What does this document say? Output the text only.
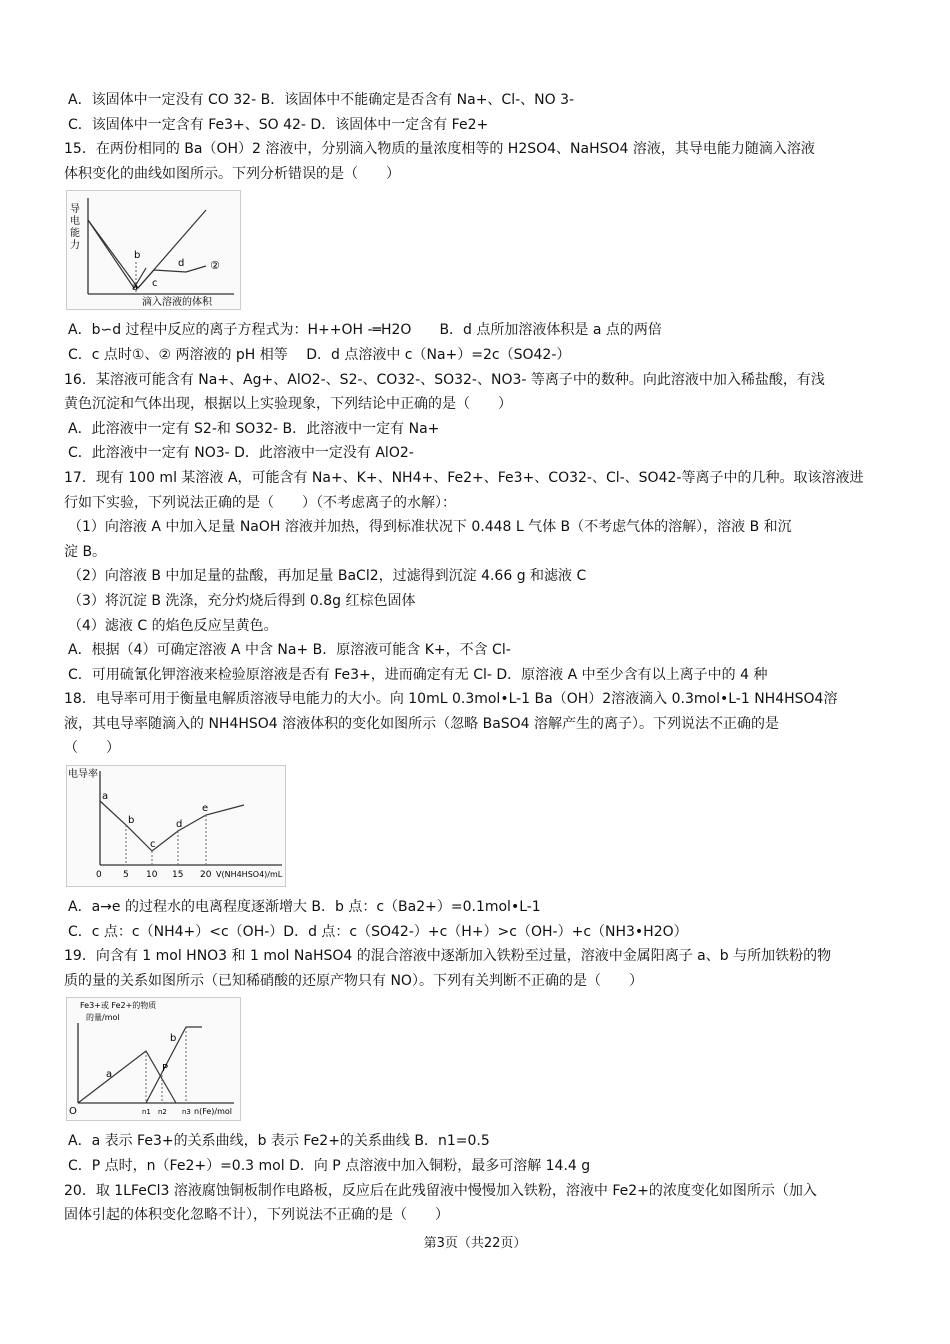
A．该固体中一定没有 CO 32- B．该固体中不能确定是否含有 Na+、Cl-、NO 3-
C．该固体中一定含有 Fe3+、SO 42- D．该固体中一定含有 Fe2+
15．在两份相同的 Ba（OH）2 溶液中，分别滴入物质的量浓度相等的 H2SO4、NaHSO4 溶液，其导电能力随滴入溶液
体积变化的曲线如图所示。下列分析错误的是（　　）
导电能力
a
b
c
d ②
滴入溶液的体积
A．b∽d 过程中反应的离子方程式为：H++OH -═H2O　　B．d 点所加溶液体积是 a 点的两倍
C．c 点时①、② 两溶液的 pH 相等　 D．d 点溶液中 c（Na+）=2c（SO42-）
16．某溶液可能含有 Na+、Ag+、AlO2-、S2-、CO32-、SO32-、NO3- 等离子中的数种。向此溶液中加入稀盐酸，有浅
黄色沉淀和气体出现，根据以上实验现象，下列结论中正确的是（　　）
A．此溶液中一定有 S2-和 SO32- B．此溶液中一定有 Na+
C．此溶液中一定有 NO3- D．此溶液中一定没有 AlO2-
17．现有 100 ml 某溶液 A，可能含有 Na+、K+、NH4+、Fe2+、Fe3+、CO32-、Cl-、SO42-等离子中的几种。取该溶液进
行如下实验，下列说法正确的是（　　）（不考虑离子的水解）：
（1）向溶液 A 中加入足量 NaOH 溶液并加热，得到标准状况下 0.448 L 气体 B（不考虑气体的溶解），溶液 B 和沉
淀 B。
（2）向溶液 B 中加足量的盐酸，再加足量 BaCl2，过滤得到沉淀 4.66 g 和滤液 C
（3）将沉淀 B 洗涤，充分灼烧后得到 0.8g 红棕色固体
（4）滤液 C 的焰色反应呈黄色。
A．根据（4）可确定溶液 A 中含 Na+ B．原溶液可能含 K+，不含 Cl-
C．可用硫氰化钾溶液来检验原溶液是否有 Fe3+，进而确定有无 Cl- D．原溶液 A 中至少含有以上离子中的 4 种
18．电导率可用于衡量电解质溶液导电能力的大小。向 10mL 0.3mol•L-1 Ba（OH）2溶液滴入 0.3mol•L-1 NH4HSO4溶
液，其电导率随滴入的 NH4HSO4 溶液体积的变化如图所示（忽略 BaSO4 溶解产生的离子）。下列说法不正确的是
（　　）
电导率
0 5 10 15 20 V(NH4HSO4)/mL
a
b
c
d
e
A．a→e 的过程水的电离程度逐渐增大 B．b 点：c（Ba2+）=0.1mol•L-1
C．c 点：c（NH4+）<c（OH-）D．d 点：c（SO42-）+c（H+）>c（OH-）+c（NH3•H2O）
19．向含有 1 mol HNO3 和 1 mol NaHSO4 的混合溶液中逐渐加入铁粉至过量，溶液中金属阳离子 a、b 与所加铁粉的物
质的量的关系如图所示（已知稀硝酸的还原产物只有 NO）。下列有关判断不正确的是（　　）
Fe3+或 Fe2+的物质
的量/mol
O	n1 n2 n3 n(Fe)/mol
a
b
P
A．a 表示 Fe3+的关系曲线，b 表示 Fe2+的关系曲线 B．n1=0.5
C．P 点时，n（Fe2+）=0.3 mol D．向 P 点溶液中加入铜粉，最多可溶解 14.4 g
20．取 1LFeCl3 溶液腐蚀铜板制作电路板，反应后在此残留液中慢慢加入铁粉，溶液中 Fe2+的浓度变化如图所示（加入
固体引起的体积变化忽略不计），下列说法不正确的是（　　）
第3页（共22页）
